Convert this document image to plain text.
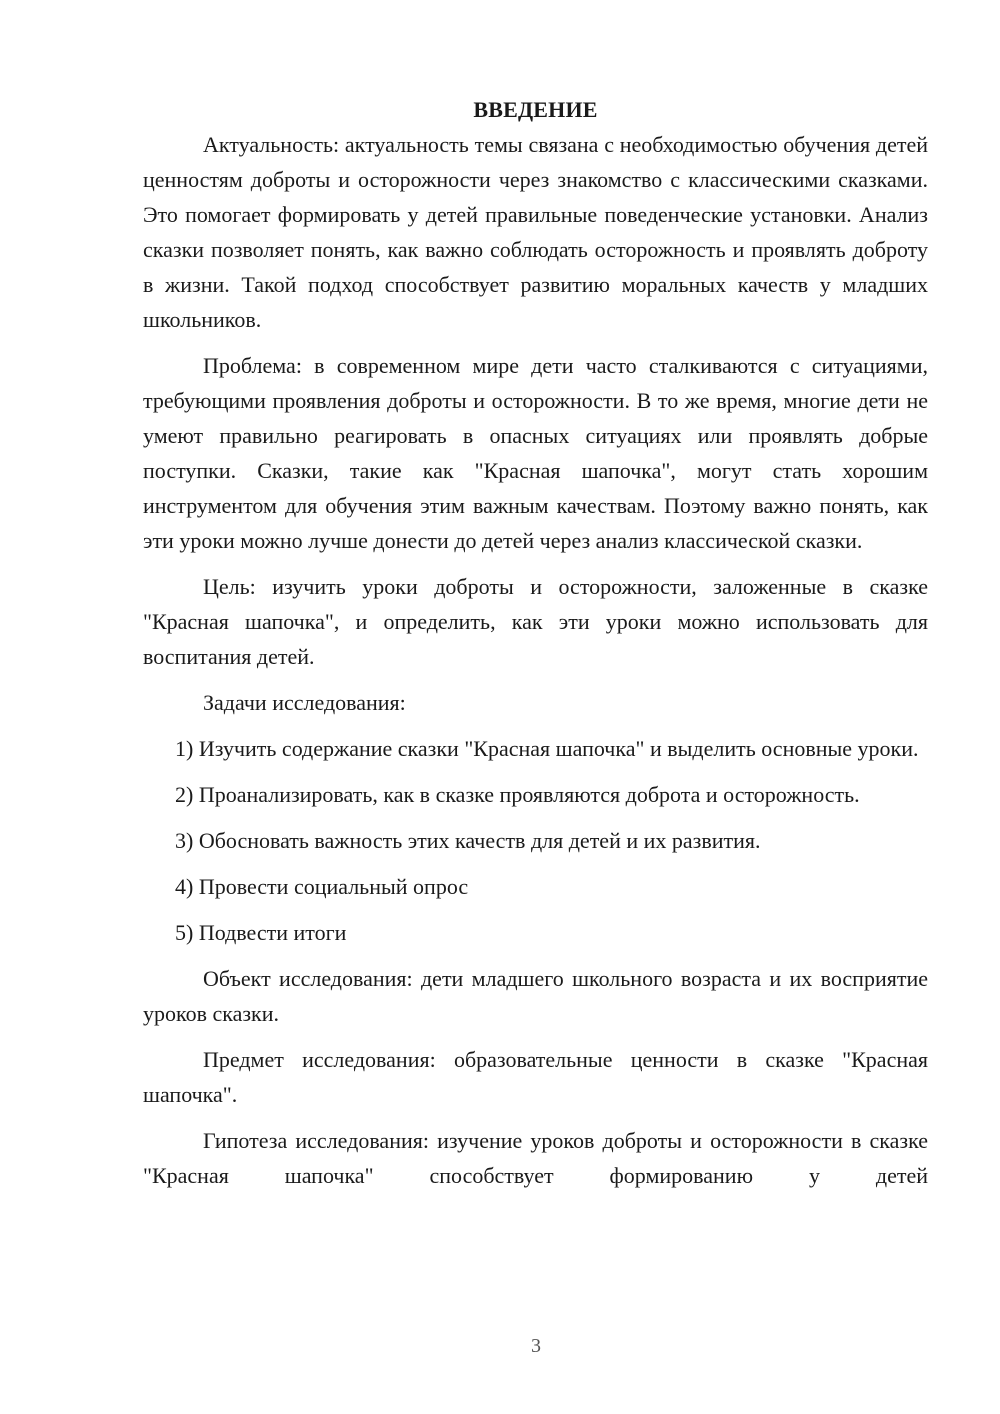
ВВЕДЕНИЕ

Актуальность: актуальность темы связана с необходимостью обучения детей ценностям доброты и осторожности через знакомство с классическими сказками. Это помогает формировать у детей правильные поведенческие установки. Анализ сказки позволяет понять, как важно соблюдать осторожность и проявлять доброту в жизни. Такой подход способствует развитию моральных качеств у младших школьников.

Проблема: в современном мире дети часто сталкиваются с ситуациями, требующими проявления доброты и осторожности. В то же время, многие дети не умеют правильно реагировать в опасных ситуациях или проявлять добрые поступки. Сказки, такие как "Красная шапочка", могут стать хорошим инструментом для обучения этим важным качествам. Поэтому важно понять, как эти уроки можно лучше донести до детей через анализ классической сказки.

Цель: изучить уроки доброты и осторожности, заложенные в сказке "Красная шапочка", и определить, как эти уроки можно использовать для воспитания детей.

Задачи исследования:

1) Изучить содержание сказки "Красная шапочка" и выделить основные уроки.

2) Проанализировать, как в сказке проявляются доброта и осторожность.

3) Обосновать важность этих качеств для детей и их развития.

4) Провести социальный опрос

5) Подвести итоги

Объект исследования: дети младшего школьного возраста и их восприятие уроков сказки.

Предмет исследования: образовательные ценности в сказке "Красная шапочка".

Гипотеза исследования: изучение уроков доброты и осторожности в сказке "Красная шапочка" способствует формированию у детей

3
